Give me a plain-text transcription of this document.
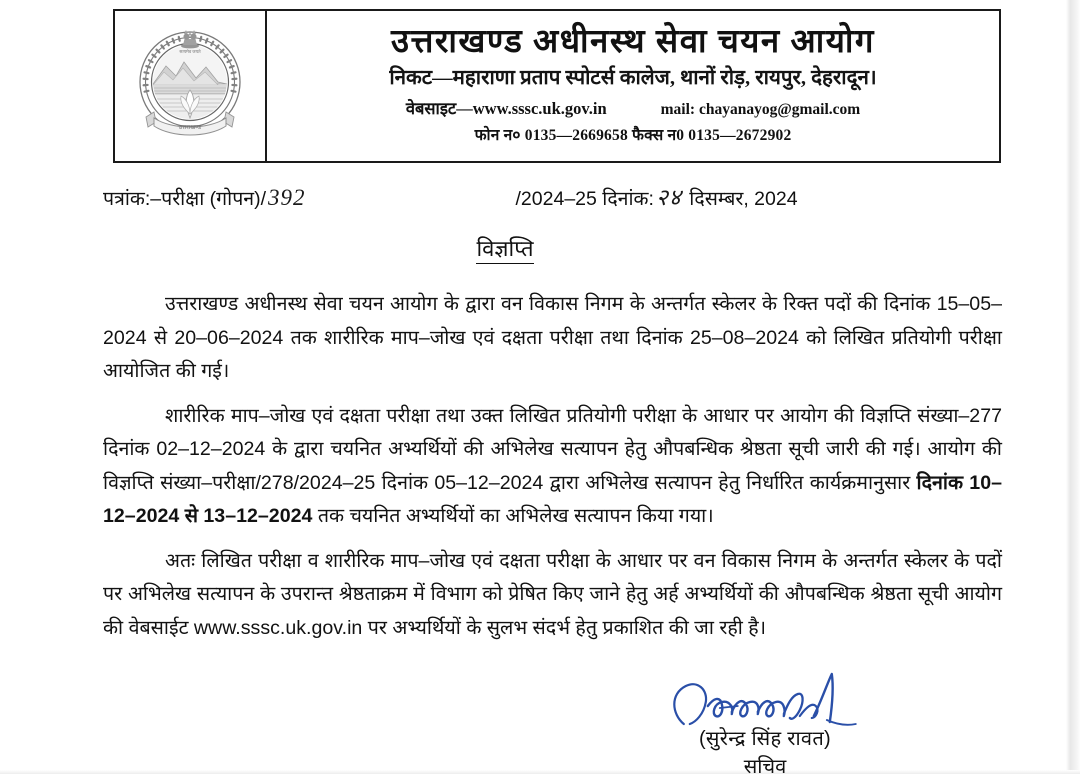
सत्यमेव जयते
उत्तराखण्ड
उत्तराखण्ड अधीनस्थ सेवा चयन आयोग
निकट—महाराणा प्रताप स्पोटर्स कालेज, थानों रोड़, रायपुर, देहरादून।
वेबसाइट—www.sssc.uk.gov.in	mail: chayanayog@gmail.com
फोन न० 0135—2669658 फैक्स न0 0135—2672902
पत्रांक:–परीक्षा (गोपन)/392	/2024–25 दिनांक:२४ दिसम्बर, 2024
विज्ञप्ति

उत्तराखण्ड अधीनस्थ सेवा चयन आयोग के द्वारा वन विकास निगम के अन्तर्गत स्केलर के रिक्त पदों की दिनांक 15–05–2024 से 20–06–2024 तक शारीरिक माप–जोख एवं दक्षता परीक्षा तथा दिनांक 25–08–2024 को लिखित प्रतियोगी परीक्षा आयोजित की गई।

शारीरिक माप–जोख एवं दक्षता परीक्षा तथा उक्त लिखित प्रतियोगी परीक्षा के आधार पर आयोग की विज्ञप्ति संख्या–277 दिनांक 02–12–2024 के द्वारा चयनित अभ्यर्थियों की अभिलेख सत्यापन हेतु औपबन्धिक श्रेष्ठता सूची जारी की गई। आयोग की विज्ञप्ति संख्या–परीक्षा/278/2024–25 दिनांक 05–12–2024 द्वारा अभिलेख सत्यापन हेतु निर्धारित कार्यक्रमानुसार दिनांक 10–12–2024 से 13–12–2024 तक चयनित अभ्यर्थियों का अभिलेख सत्यापन किया गया।

अतः लिखित परीक्षा व शारीरिक माप–जोख एवं दक्षता परीक्षा के आधार पर वन विकास निगम के अन्तर्गत स्केलर के पदों पर अभिलेख सत्यापन के उपरान्त श्रेष्ठताक्रम में विभाग को प्रेषित किए जाने हेतु अर्ह अभ्यर्थियों की औपबन्धिक श्रेष्ठता सूची आयोग की वेबसाईट www.sssc.uk.gov.in पर अभ्यर्थियों के सुलभ संदर्भ हेतु प्रकाशित की जा रही है।

(सुरेन्द्र सिंह रावत)
सचिव
